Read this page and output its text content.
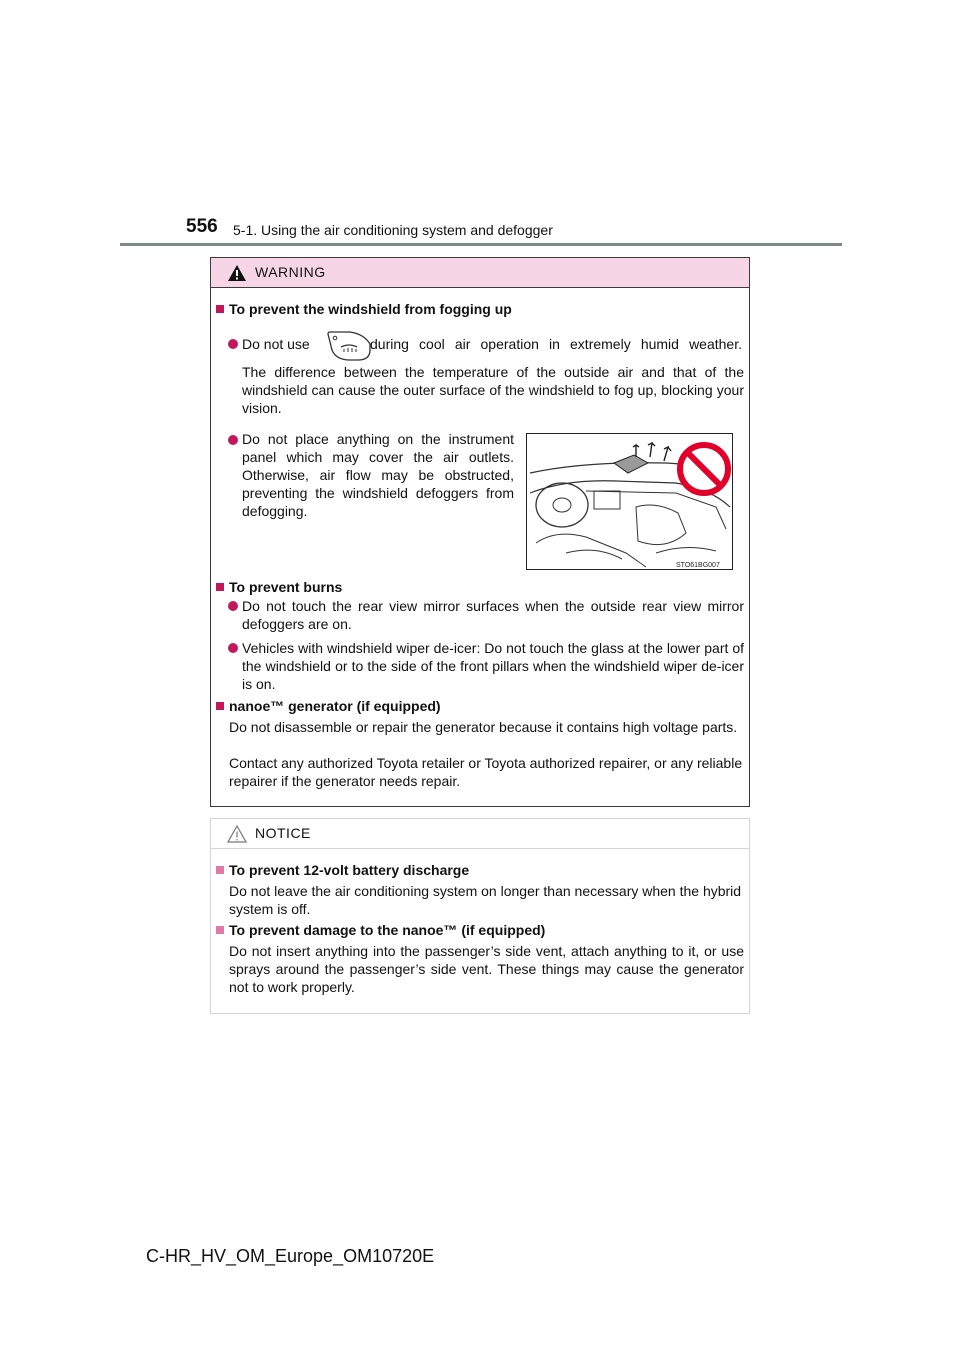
556 5-1. Using the air conditioning system and defogger
WARNING
To prevent the windshield from fogging up
Do not use	during cool air operation in extremely humid weather.
The difference between the temperature of the outside air and that of the windshield can cause the outer surface of the windshield to fog up, blocking your vision.
Do not place anything on the instrument panel which may cover the air outlets. Otherwise, air flow may be obstructed, preventing the windshield defoggers from defogging.
STO61BG007
To prevent burns
Do not touch the rear view mirror surfaces when the outside rear view mirror defoggers are on.
Vehicles with windshield wiper de-icer: Do not touch the glass at the lower part of the windshield or to the side of the front pillars when the windshield wiper de-icer is on.
nanoe™ generator (if equipped)
Do not disassemble or repair the generator because it contains high voltage parts.
Contact any authorized Toyota retailer or Toyota authorized repairer, or any reliable repairer if the generator needs repair.
NOTICE
To prevent 12-volt battery discharge
Do not leave the air conditioning system on longer than necessary when the hybrid system is off.
To prevent damage to the nanoe™ (if equipped)
Do not insert anything into the passenger’s side vent, attach anything to it, or use sprays around the passenger’s side vent. These things may cause the generator not to work properly.
C-HR_HV_OM_Europe_OM10720E
